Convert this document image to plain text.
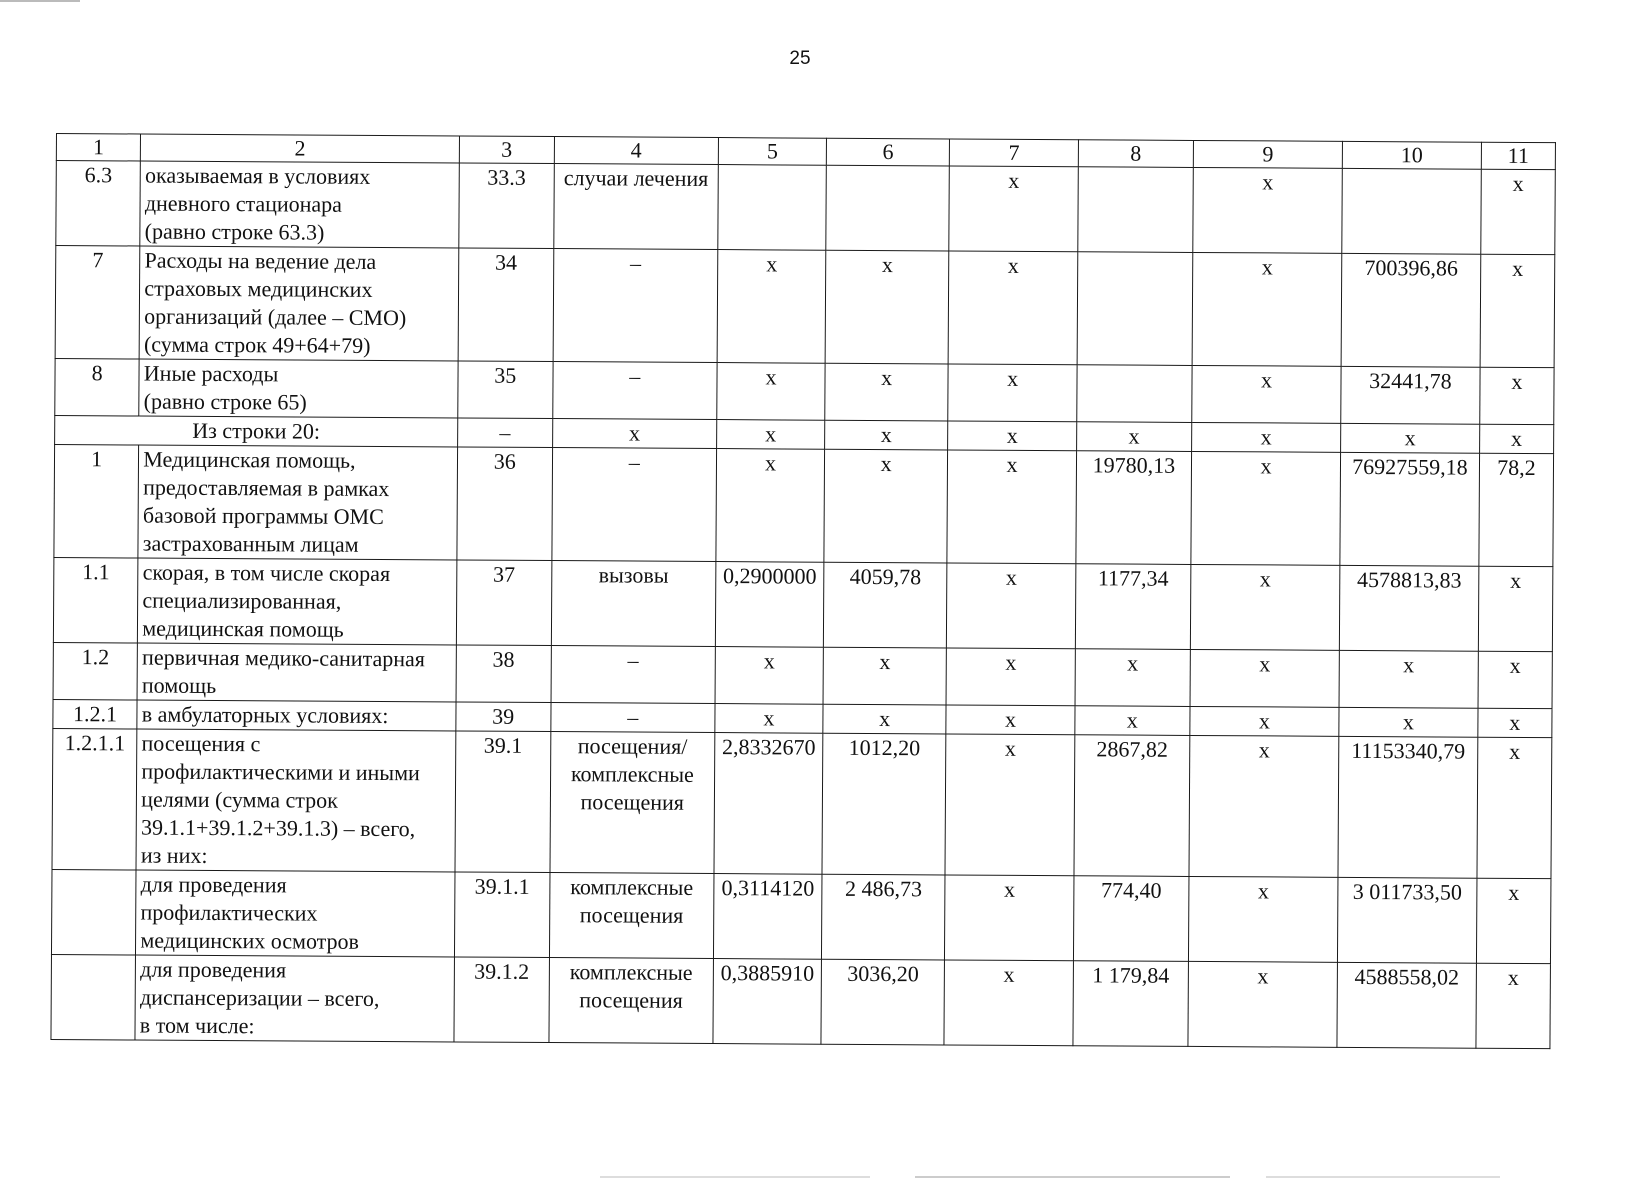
25
1	2	3	4	5	6	7	8	9	10	11
6.3	оказываемая в условиях
дневного стационара
(равно строке 63.3)	33.3	случаи лечения			х		х		х
7	Расходы на ведение дела
страховых медицинских
организаций (далее – СМО)
(сумма строк 49+64+79)	34	–	х	х	х		х	700396,86	х
8	Иные расходы
(равно строке 65)	35	–	х	х	х		х	32441,78	х
Из строки 20:		–	х	х	х	х	х	х	х	х
1	Медицинская помощь,
предоставляемая в рамках
базовой программы ОМС
застрахованным лицам	36	–	х	х	х	19780,13	х	76927559,18	78,2
1.1	скорая, в том числе скорая
специализированная,
медицинская помощь	37	вызовы	0,2900000	4059,78	х	1177,34	х	4578813,83	х
1.2	первичная медико-санитарная
помощь	38	–	х	х	х	х	х	х	х
1.2.1	в амбулаторных условиях:	39	–	х	х	х	х	х	х	х
1.2.1.1	посещения с
профилактическими и иными
целями (сумма строк
39.1.1+39.1.2+39.1.3) – всего,
из них:	39.1	посещения/
комплексные
посещения	2,8332670	1012,20	х	2867,82	х	11153340,79	х
	для проведения
профилактических
медицинских осмотров	39.1.1	комплексные
посещения	0,3114120	2 486,73	х	774,40	х	3 011733,50	х
	для проведения
диспансеризации – всего,
в том числе:	39.1.2	комплексные
посещения	0,3885910	3036,20	х	1 179,84	х	4588558,02	х
